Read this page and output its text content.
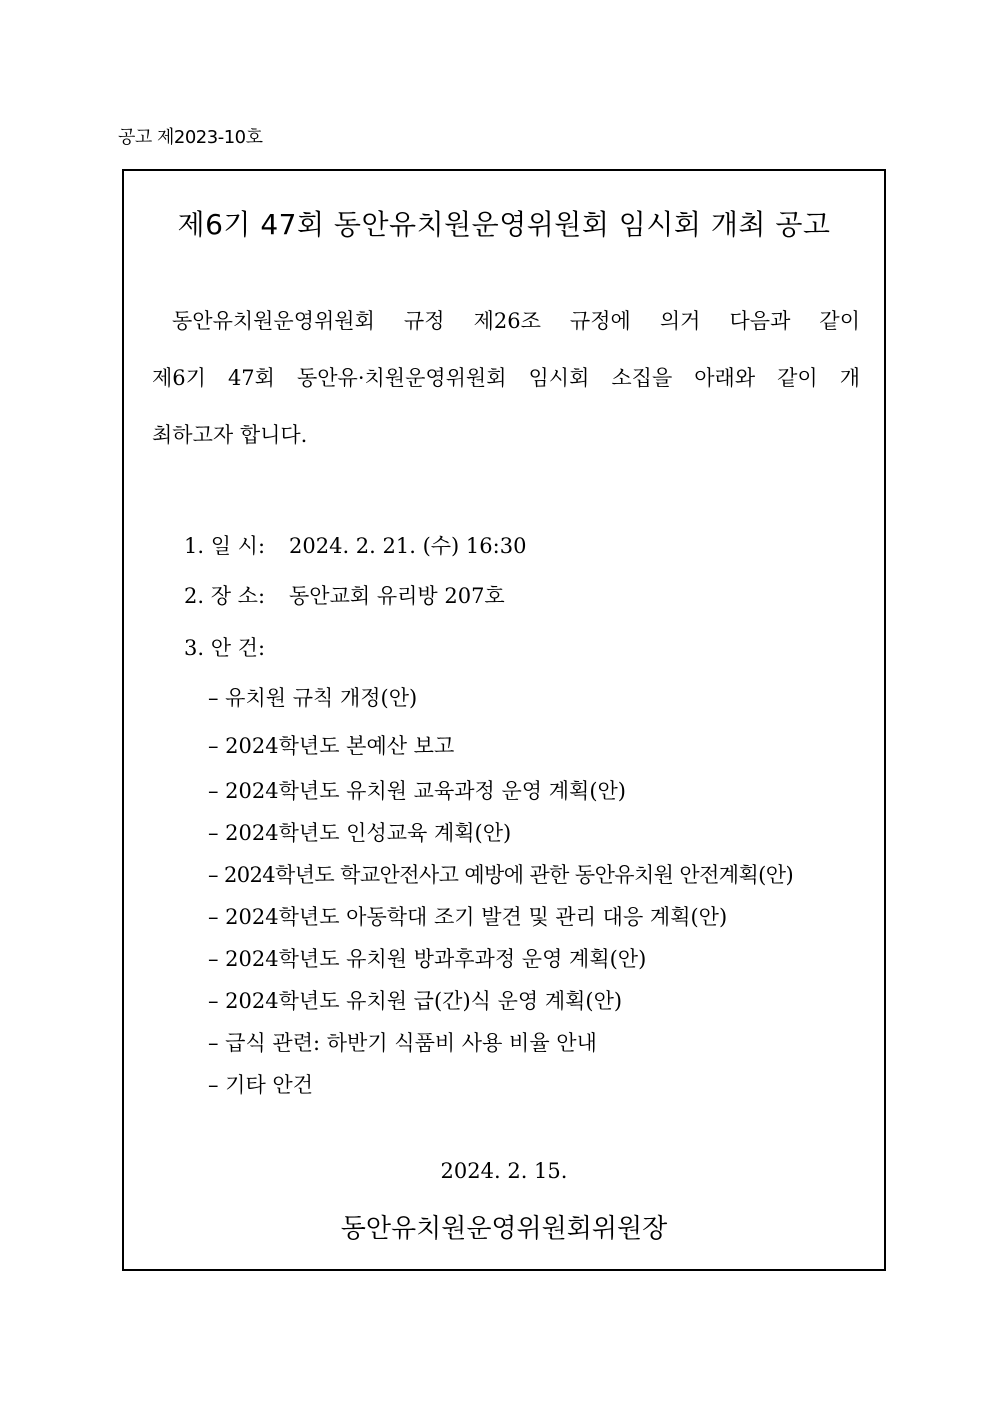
공고 제2023-10호
제6기 47회 동안유치원운영위원회 임시회 개최 공고
동안유치원운영위원회 규정 제26조 규정에 의거 다음과 같이
제6기 47회 동안유·치원운영위원회 임시회 소집을 아래와 같이 개
최하고자 합니다.
1. 일 시: 2024. 2. 21. (수) 16:30
2. 장 소: 동안교회 유리방 207호
3. 안 건:
– 유치원 규칙 개정(안)
– 2024학년도 본예산 보고
– 2024학년도 유치원 교육과정 운영 계획(안)
– 2024학년도 인성교육 계획(안)
– 2024학년도 학교안전사고 예방에 관한 동안유치원 안전계획(안)
– 2024학년도 아동학대 조기 발견 및 관리 대응 계획(안)
– 2024학년도 유치원 방과후과정 운영 계획(안)
– 2024학년도 유치원 급(간)식 운영 계획(안)
– 급식 관련: 하반기 식품비 사용 비율 안내
– 기타 안건
2024. 2. 15.
동안유치원운영위원회위원장
